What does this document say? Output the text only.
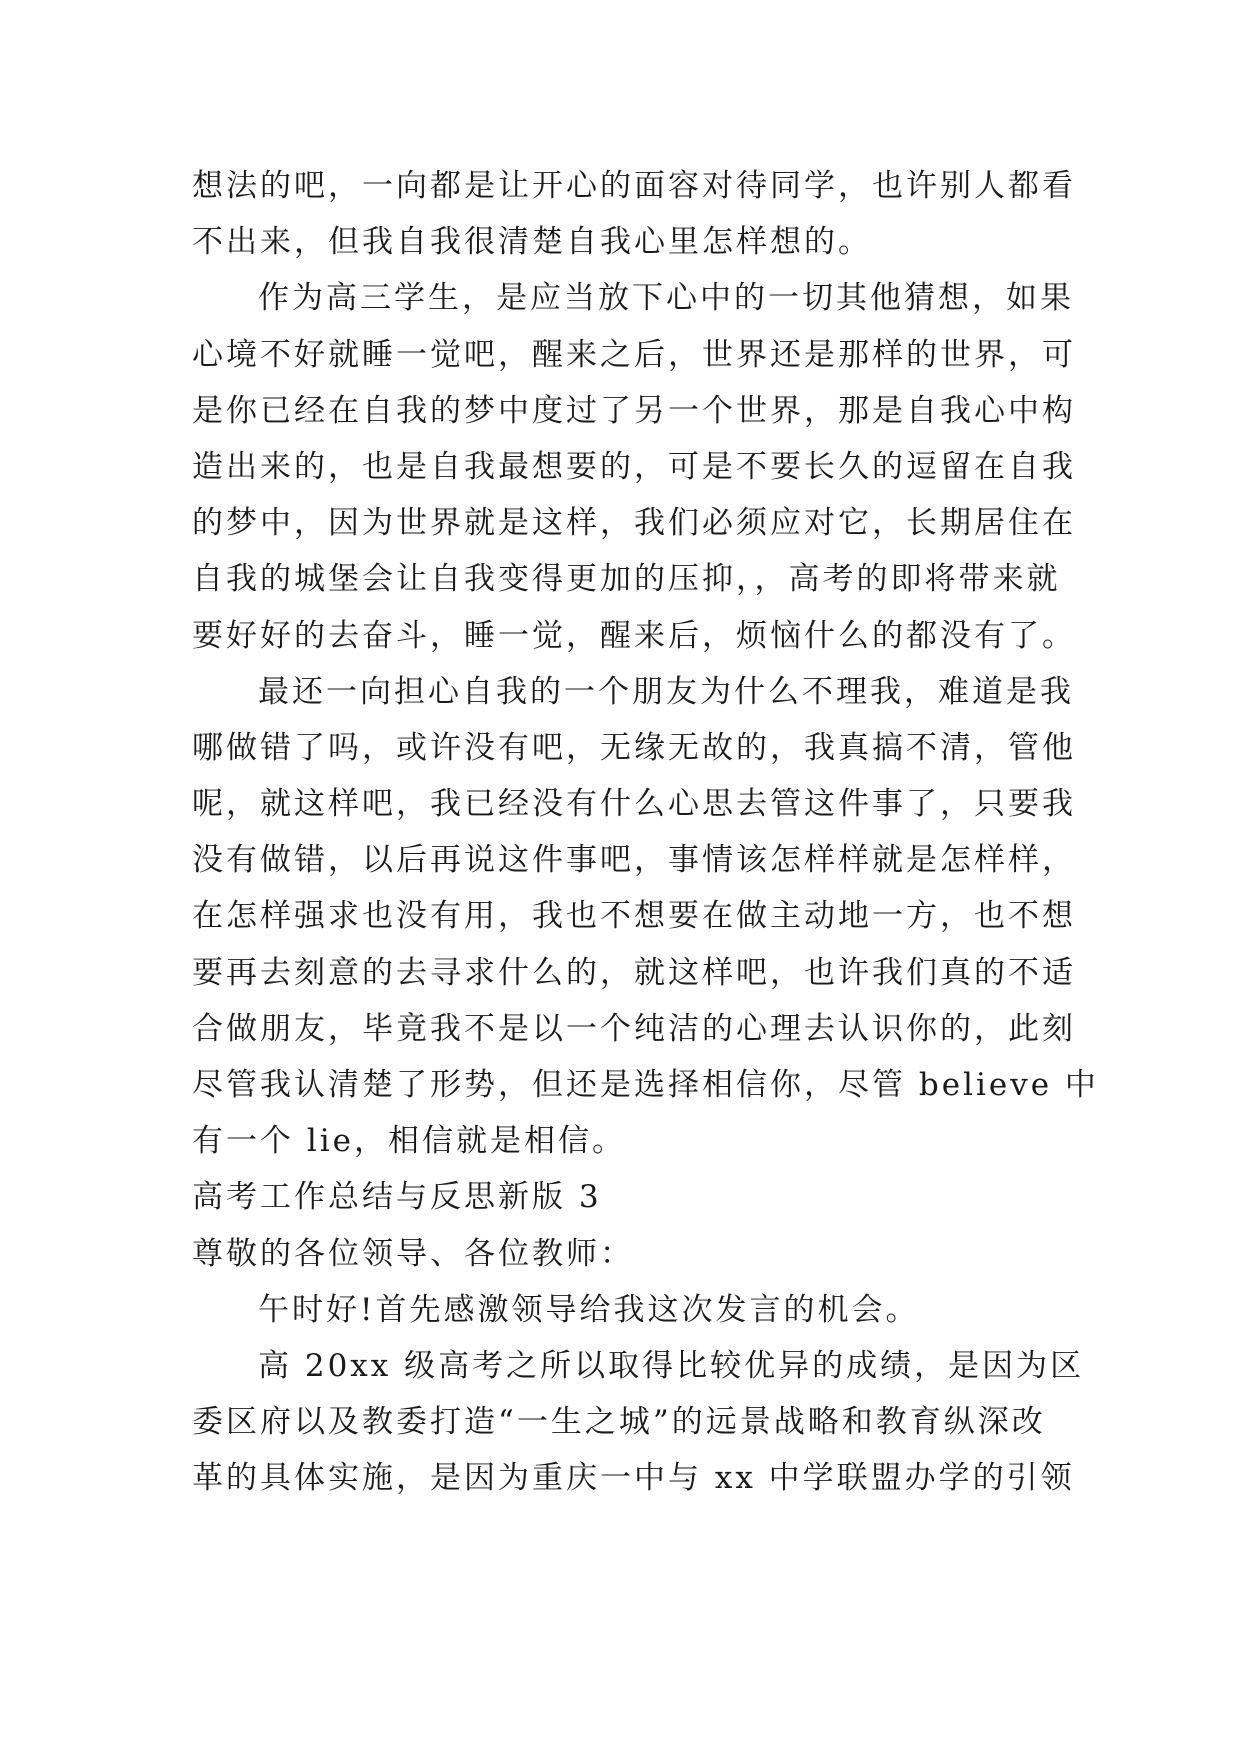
想法的吧，一向都是让开心的面容对待同学，也许别人都看
不出来，但我自我很清楚自我心里怎样想的。
作为高三学生，是应当放下心中的一切其他猜想，如果
心境不好就睡一觉吧，醒来之后，世界还是那样的世界，可
是你已经在自我的梦中度过了另一个世界，那是自我心中构
造出来的，也是自我最想要的，可是不要长久的逗留在自我
的梦中，因为世界就是这样，我们必须应对它，长期居住在
自我的城堡会让自我变得更加的压抑，，高考的即将带来就
要好好的去奋斗，睡一觉，醒来后，烦恼什么的都没有了。
最还一向担心自我的一个朋友为什么不理我，难道是我
哪做错了吗，或许没有吧，无缘无故的，我真搞不清，管他
呢，就这样吧，我已经没有什么心思去管这件事了，只要我
没有做错，以后再说这件事吧，事情该怎样样就是怎样样，
在怎样强求也没有用，我也不想要在做主动地一方，也不想
要再去刻意的去寻求什么的，就这样吧，也许我们真的不适
合做朋友，毕竟我不是以一个纯洁的心理去认识你的，此刻
尽管我认清楚了形势，但还是选择相信你，尽管 believe 中
有一个 lie，相信就是相信。
高考工作总结与反思新版 3
尊敬的各位领导、各位教师：
午时好!首先感激领导给我这次发言的机会。
高 20xx 级高考之所以取得比较优异的成绩，是因为区
委区府以及教委打造“一生之城”的远景战略和教育纵深改
革的具体实施，是因为重庆一中与 xx 中学联盟办学的引领
